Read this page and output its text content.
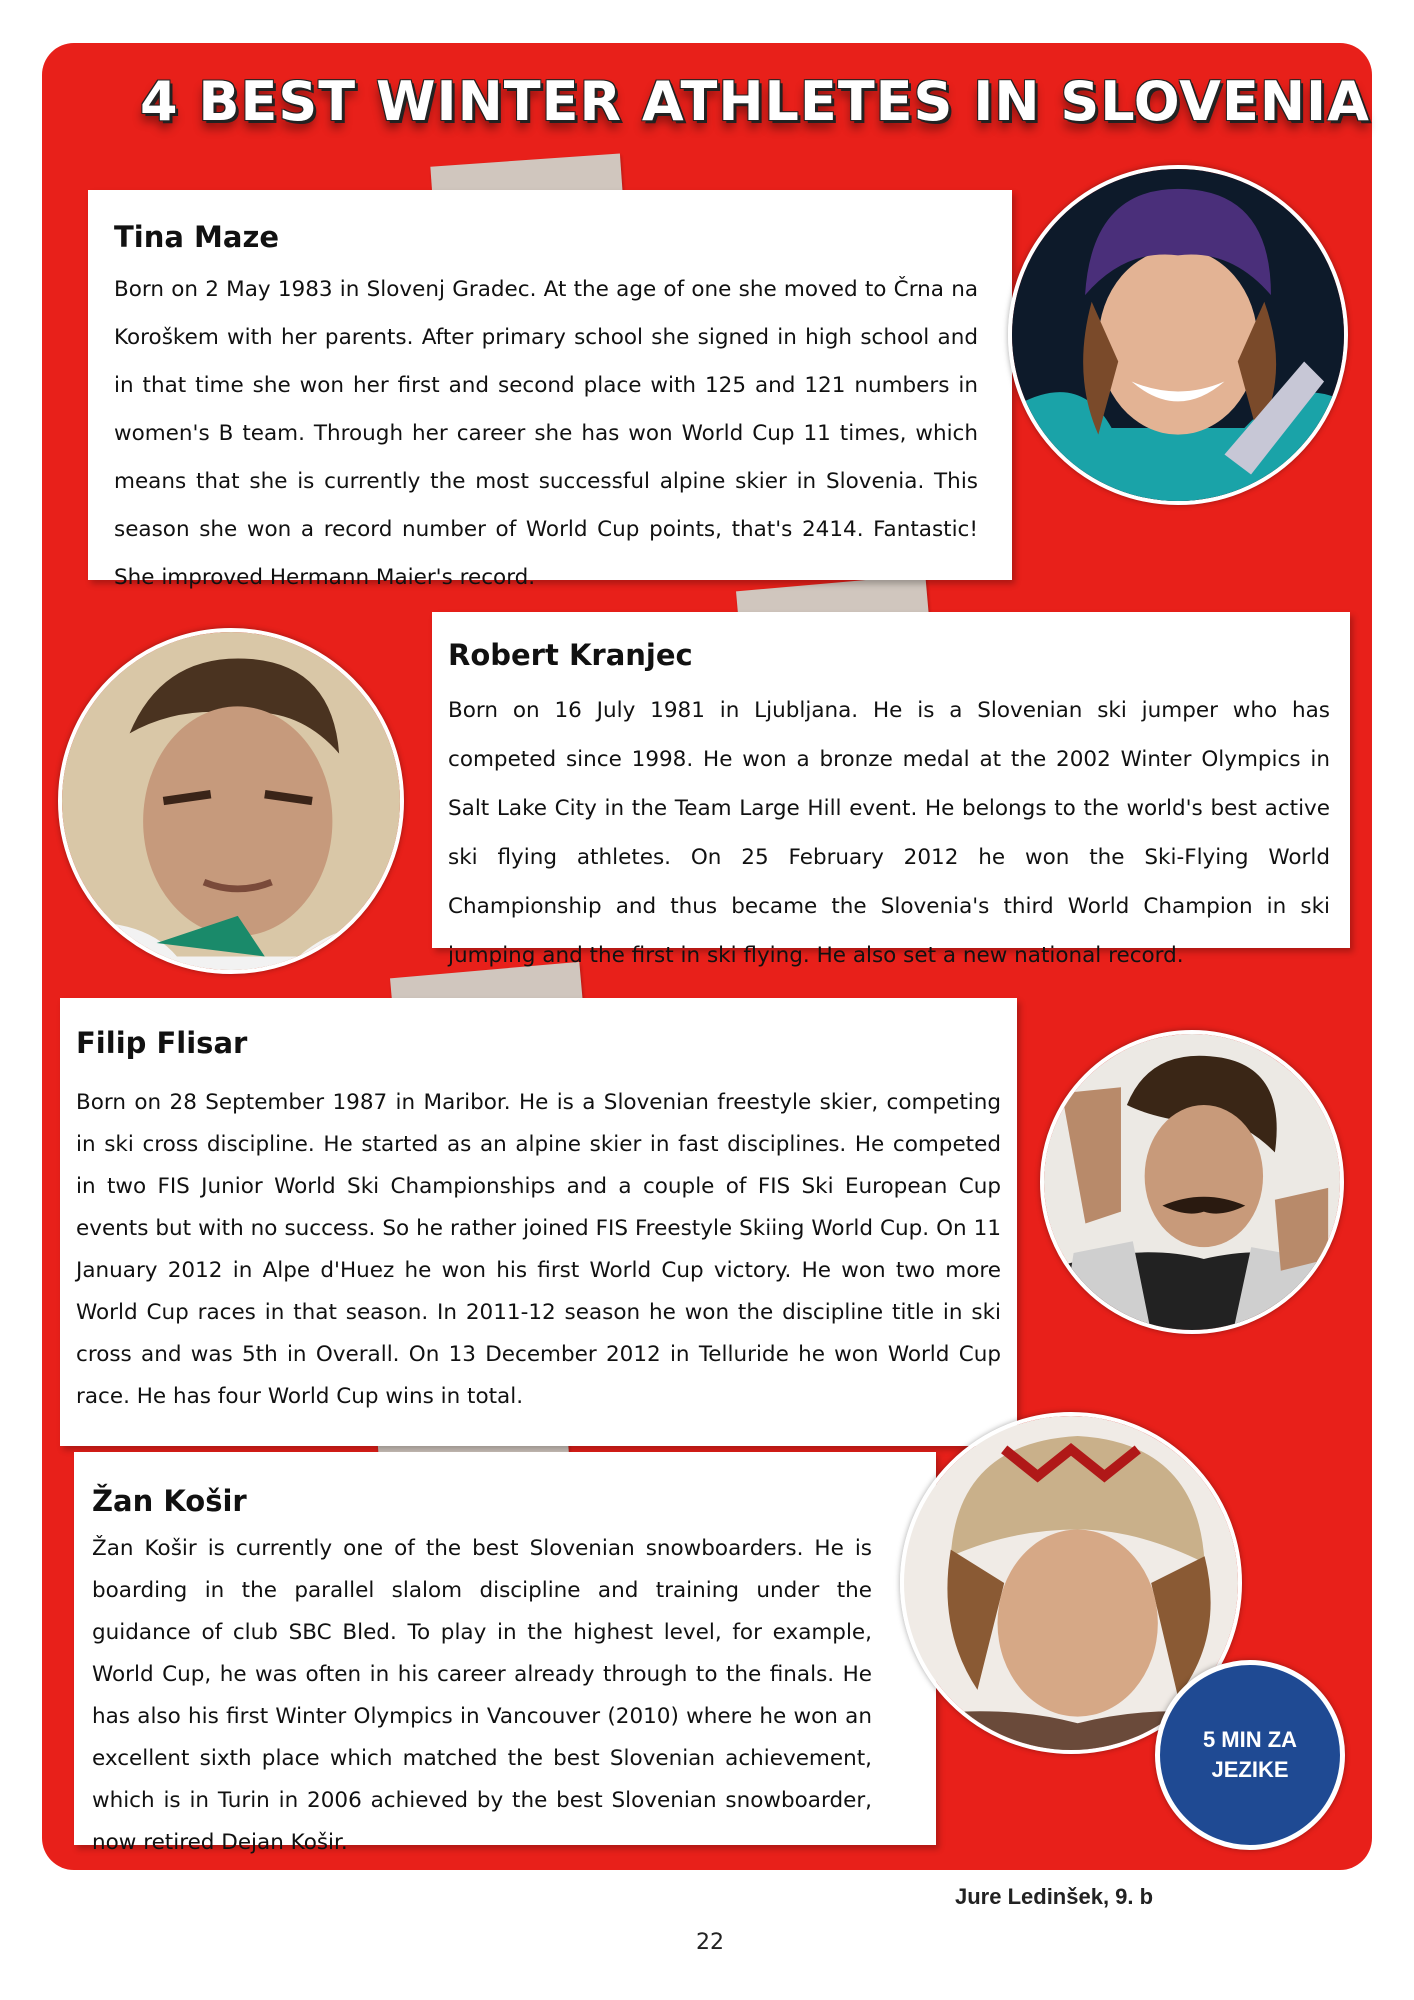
4 BEST WINTER ATHLETES IN SLOVENIA
Tina Maze

Born on 2 May 1983 in Slovenj Gradec. At the age of one she moved to Črna na Koroškem with her parents. After primary school she signed in high school and in that time she won her first and second place with 125 and 121 numbers in women's B team. Through her career she has won World Cup 11 times, which means that she is currently the most successful alpine skier in Slovenia. This season she won a record number of World Cup points, that's 2414. Fantastic! She improved Hermann Maier's record.

Robert Kranjec

Born on 16 July 1981 in Ljubljana. He is a Slovenian ski jumper who has competed since 1998. He won a bronze medal at the 2002 Winter Olympics in Salt Lake City in the Team Large Hill event. He belongs to the world's best active ski flying athletes. On 25 February 2012 he won the Ski-Flying World Championship and thus became the Slovenia's third World Champion in ski jumping and the first in ski flying. He also set a new national record.

Filip Flisar

Born on 28 September 1987 in Maribor. He is a Slovenian freestyle skier, competing in ski cross discipline. He started as an alpine skier in fast disciplines. He competed in two FIS Junior World Ski Championships and a couple of FIS Ski European Cup events but with no success. So he rather joined FIS Freestyle Skiing World Cup. On 11 January 2012 in Alpe d'Huez he won his first World Cup victory. He won two more World Cup races in that season. In 2011-12 season he won the discipline title in ski cross and was 5th in Overall. On 13 December 2012 in Telluride he won World Cup race. He has four World Cup wins in total.

Žan Košir

Žan Košir is currently one of the best Slovenian snowboarders. He is boarding in the parallel slalom discipline and training under the guidance of club SBC Bled. To play in the highest level, for example, World Cup, he was often in his career already through to the finals. He has also his first Winter Olympics in Vancouver (2010) where he won an excellent sixth place which matched the best Slovenian achievement, which is in Turin in 2006 achieved by the best Slovenian snowboarder, now retired Dejan Košir.

5 MIN ZA
JEZIKE

Jure Ledinšek, 9. b

22
